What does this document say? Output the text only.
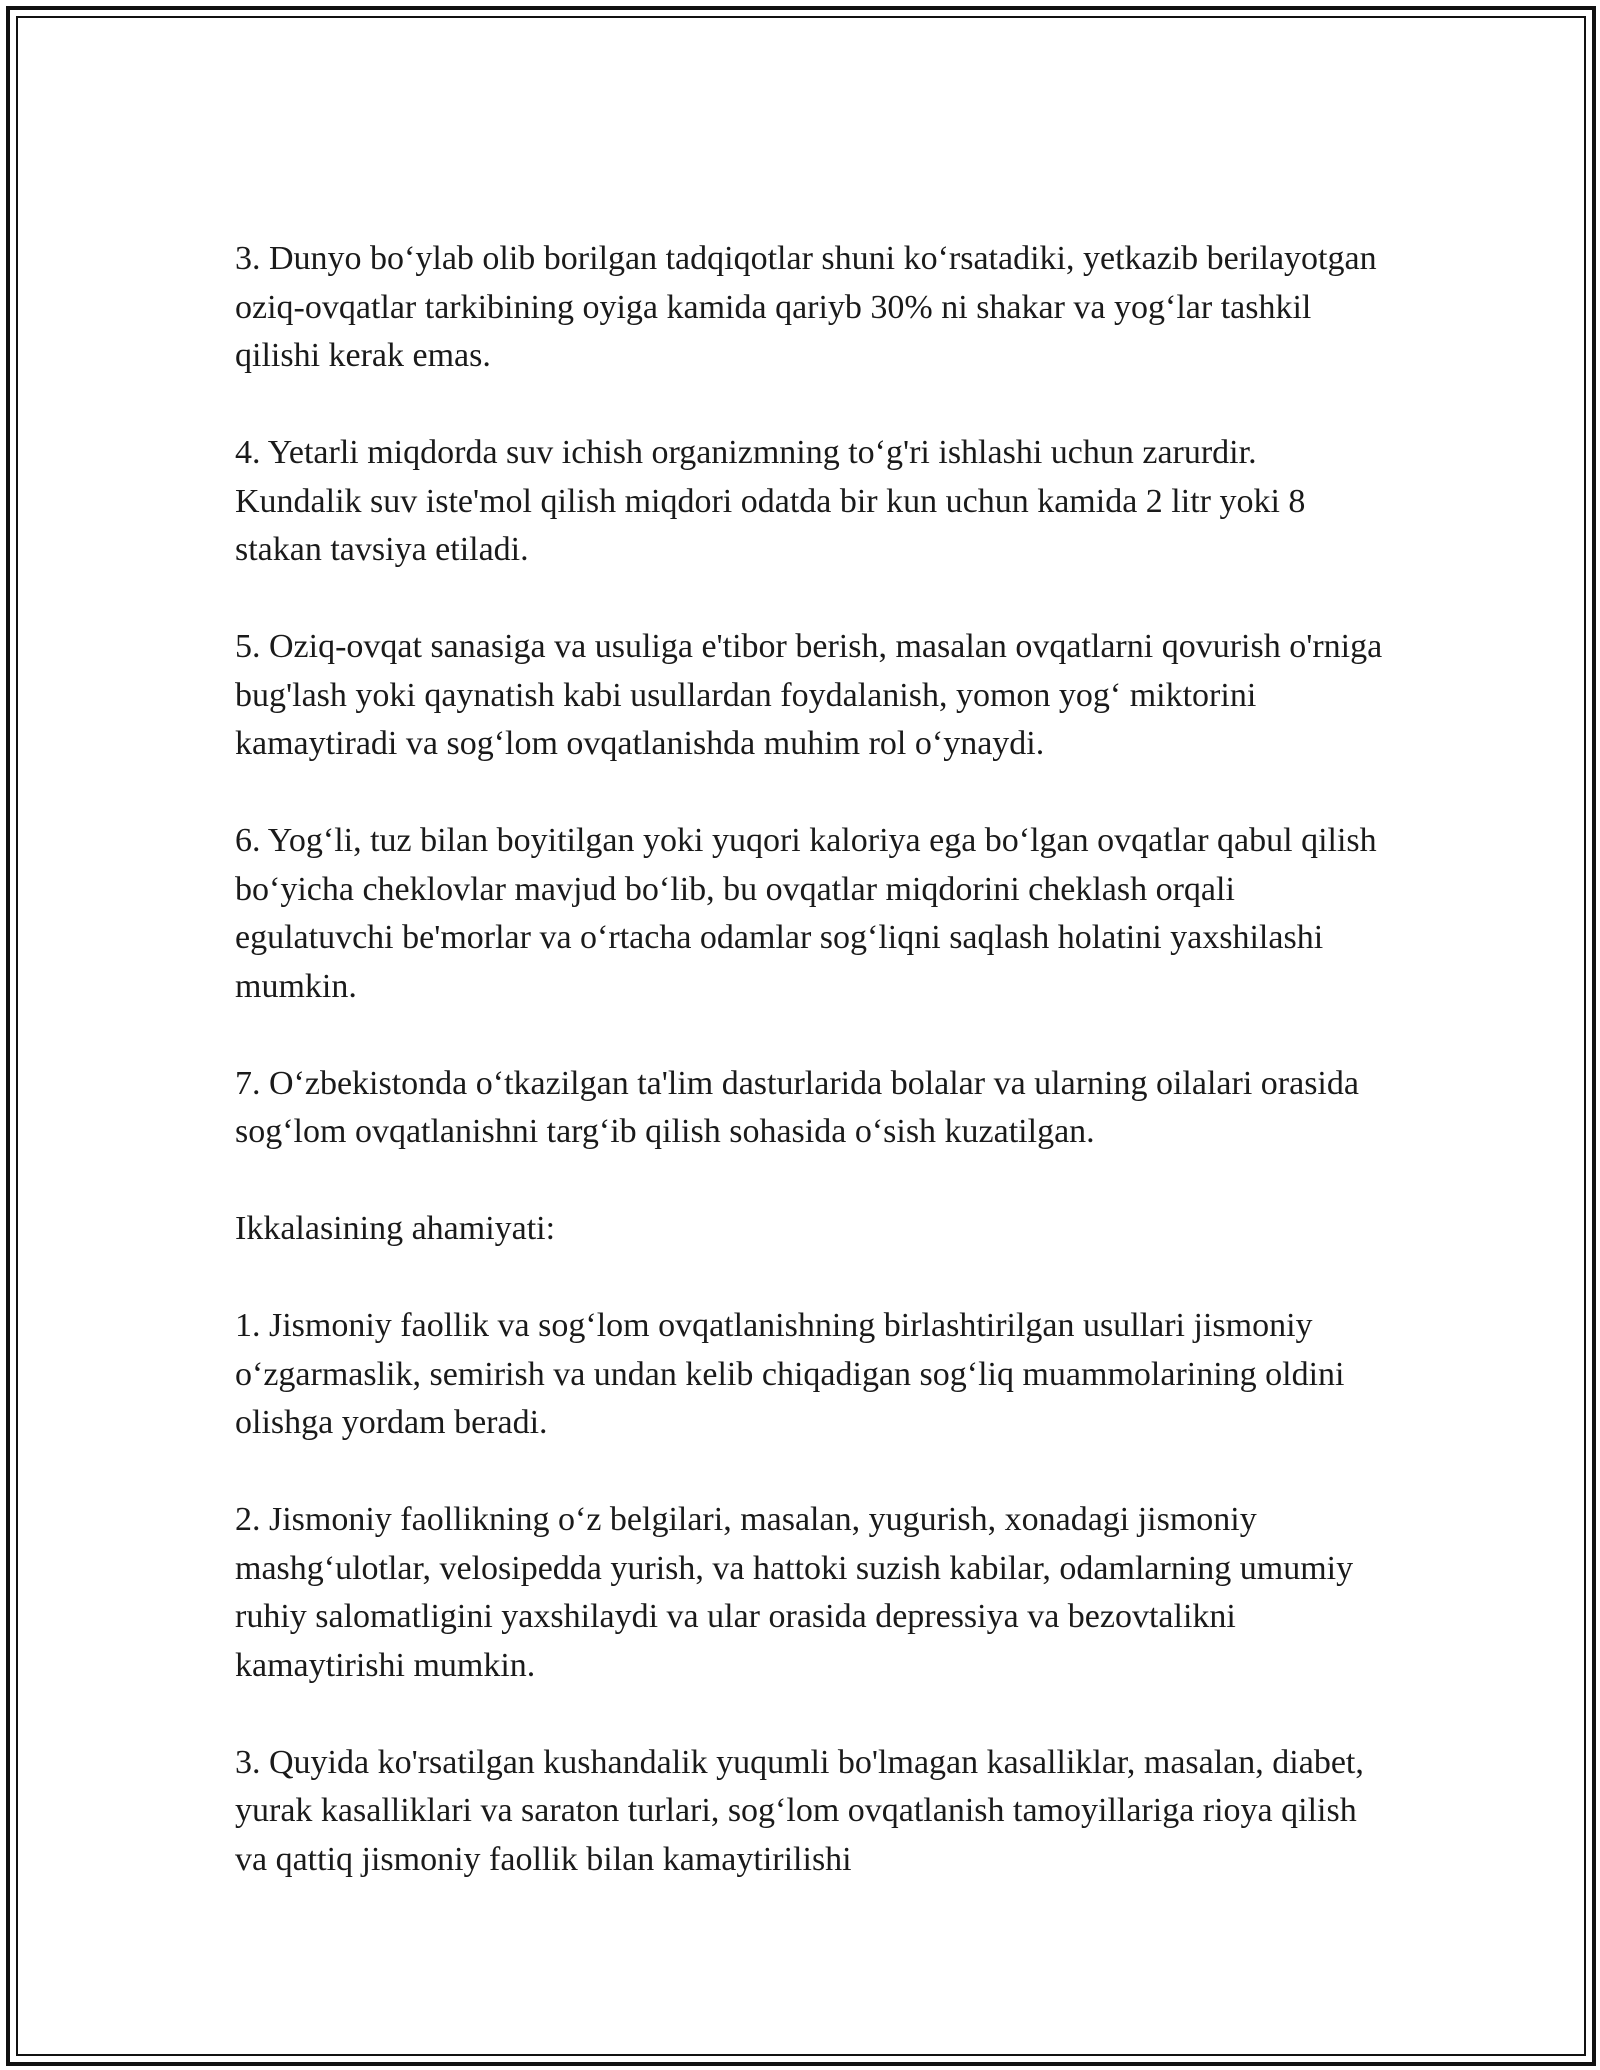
3. Dunyo bo‘ylab olib borilgan tadqiqotlar shuni ko‘rsatadiki, yetkazib berilayotgan oziq-ovqatlar tarkibining oyiga kamida qariyb 30% ni shakar va yog‘lar tashkil qilishi kerak emas.

4. Yetarli miqdorda suv ichish organizmning to‘g'ri ishlashi uchun zarurdir. Kundalik suv iste'mol qilish miqdori odatda bir kun uchun kamida 2 litr yoki 8 stakan tavsiya etiladi.

5. Oziq-ovqat sanasiga va usuliga e'tibor berish, masalan ovqatlarni qovurish o'rniga bug'lash yoki qaynatish kabi usullardan foydalanish, yomon yog‘ miktorini kamaytiradi va sog‘lom ovqatlanishda muhim rol o‘ynaydi.

6. Yog‘li, tuz bilan boyitilgan yoki yuqori kaloriya ega bo‘lgan ovqatlar qabul qilish bo‘yicha cheklovlar mavjud bo‘lib, bu ovqatlar miqdorini cheklash orqali egulatuvchi be'morlar va o‘rtacha odamlar sog‘liqni saqlash holatini yaxshilashi mumkin.

7. O‘zbekistonda o‘tkazilgan ta'lim dasturlarida bolalar va ularning oilalari orasida sog‘lom ovqatlanishni targ‘ib qilish sohasida o‘sish kuzatilgan.

Ikkalasining ahamiyati:

1. Jismoniy faollik va sog‘lom ovqatlanishning birlashtirilgan usullari jismoniy o‘zgarmaslik, semirish va undan kelib chiqadigan sog‘liq muammolarining oldini olishga yordam beradi.

2. Jismoniy faollikning o‘z belgilari, masalan, yugurish, xonadagi jismoniy mashg‘ulotlar, velosipedda yurish, va hattoki suzish kabilar, odamlarning umumiy ruhiy salomatligini yaxshilaydi va ular orasida depressiya va bezovtalikni kamaytirishi mumkin.

3. Quyida ko'rsatilgan kushandalik yuqumli bo'lmagan kasalliklar, masalan, diabet, yurak kasalliklari va saraton turlari, sog‘lom ovqatlanish tamoyillariga rioya qilish va qattiq jismoniy faollik bilan kamaytirilishi
